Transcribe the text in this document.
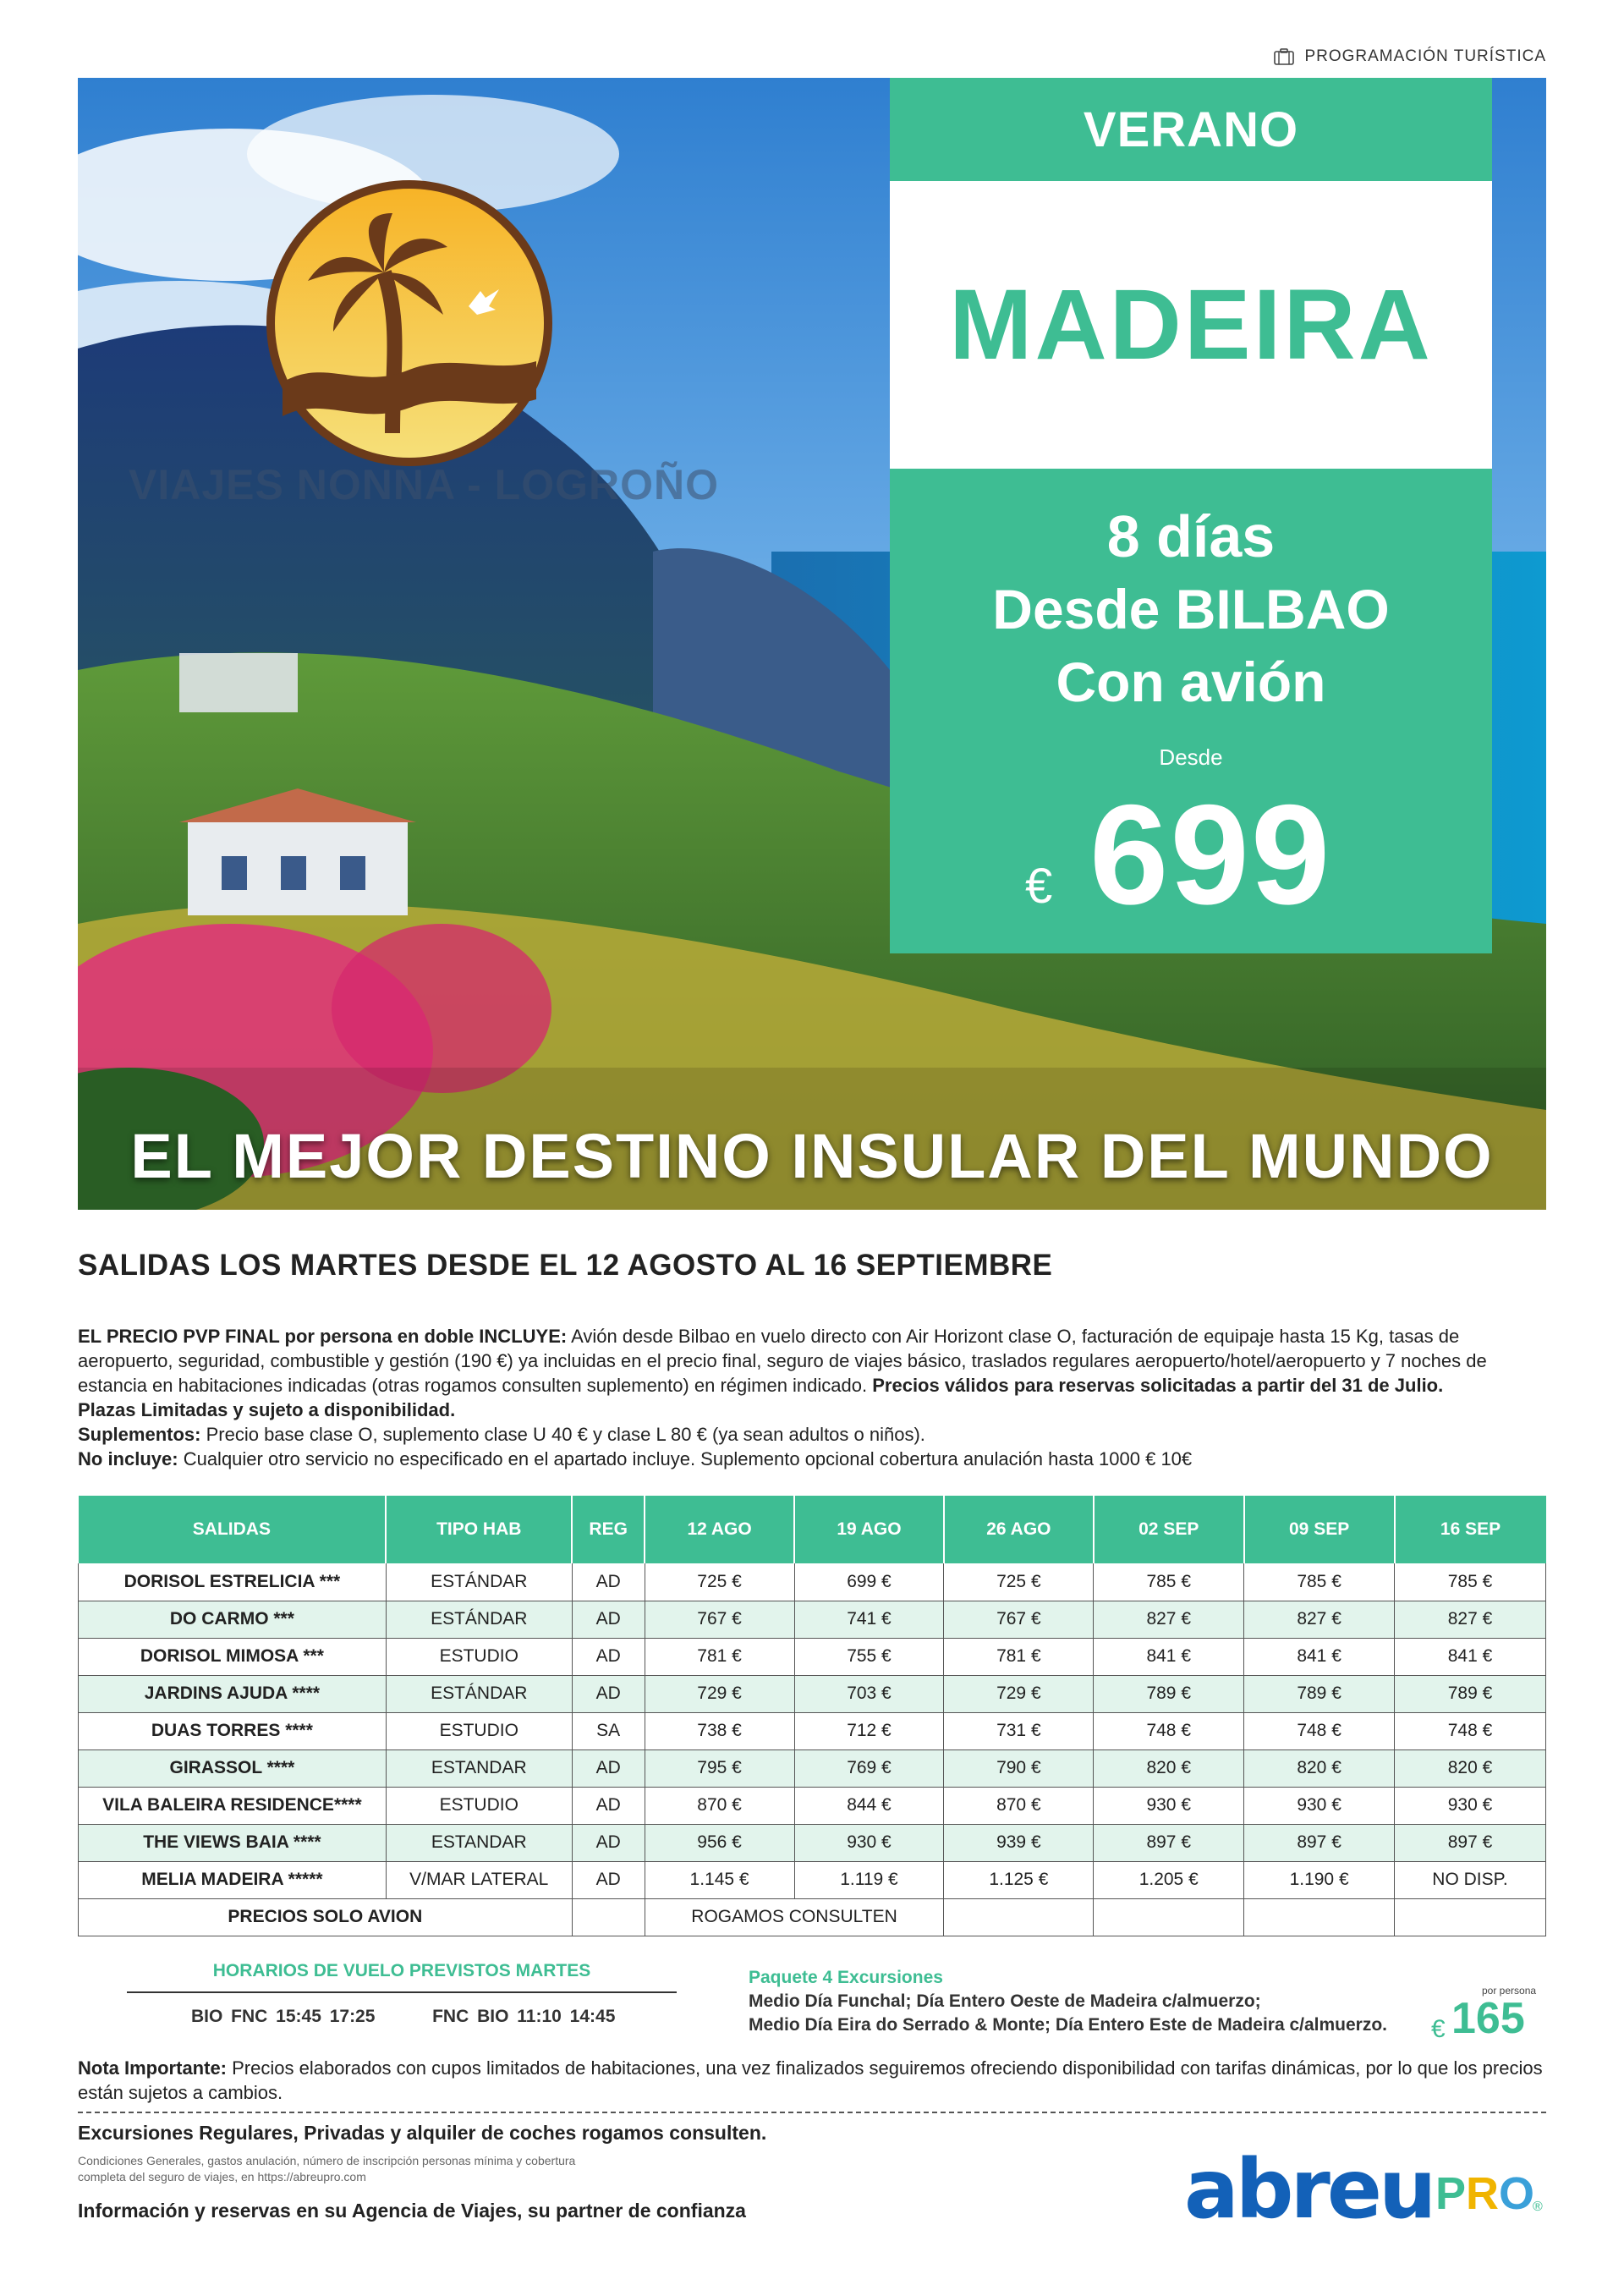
PROGRAMACIÓN TURÍSTICA
VIAJES NONNA - LOGROÑO
VERANO
MADEIRA
8 días
Desde BILBAO
Con avión
Desde
€ 699
EL MEJOR DESTINO INSULAR DEL MUNDO
SALIDAS LOS MARTES DESDE EL 12 AGOSTO AL 16 SEPTIEMBRE
EL PRECIO PVP FINAL por persona en doble INCLUYE: Avión desde Bilbao en vuelo directo con Air Horizont clase O, facturación de equipaje hasta 15 Kg, tasas de aeropuerto, seguridad, combustible y gestión (190 €) ya incluidas en el precio final, seguro de viajes básico, traslados regulares aeropuerto/hotel/aeropuerto y 7 noches de estancia en habitaciones indicadas (otras rogamos consulten suplemento) en régimen indicado. Precios válidos para reservas solicitadas a partir del 31 de Julio.
Plazas Limitadas y sujeto a disponibilidad.
Suplementos: Precio base clase O, suplemento clase U 40 € y clase L 80 € (ya sean adultos o niños).
No incluye: Cualquier otro servicio no especificado en el apartado incluye. Suplemento opcional cobertura anulación hasta 1000 € 10€
SALIDAS	TIPO HAB	REG	12 AGO	19 AGO	26 AGO	02 SEP	09 SEP	16 SEP
DORISOL ESTRELICIA ***	ESTÁNDAR	AD	725 €	699 €	725 €	785 €	785 €	785 €
DO CARMO ***	ESTÁNDAR	AD	767 €	741 €	767 €	827 €	827 €	827 €
DORISOL MIMOSA ***	ESTUDIO	AD	781 €	755 €	781 €	841 €	841 €	841 €
JARDINS AJUDA ****	ESTÁNDAR	AD	729 €	703 €	729 €	789 €	789 €	789 €
DUAS TORRES ****	ESTUDIO	SA	738 €	712 €	731 €	748 €	748 €	748 €
GIRASSOL ****	ESTANDAR	AD	795 €	769 €	790 €	820 €	820 €	820 €
VILA BALEIRA RESIDENCE****	ESTUDIO	AD	870 €	844 €	870 €	930 €	930 €	930 €
THE VIEWS BAIA ****	ESTANDAR	AD	956 €	930 €	939 €	897 €	897 €	897 €
MELIA MADEIRA *****	V/MAR LATERAL	AD	1.145 €	1.119 €	1.125 €	1.205 €	1.190 €	NO DISP.
PRECIOS SOLO AVION			ROGAMOS CONSULTEN					
HORARIOS DE VUELO PREVISTOS MARTES
BIO FNC 15:45 17:25	FNC BIO 11:10 14:45
Paquete 4 Excursiones
Medio Día Funchal; Día Entero Oeste de Madeira c/almuerzo;
Medio Día Eira do Serrado & Monte; Día Entero Este de Madeira c/almuerzo.
por persona
€ 165
Nota Importante: Precios elaborados con cupos limitados de habitaciones, una vez finalizados seguiremos ofreciendo disponibilidad con tarifas dinámicas, por lo que los precios están sujetos a cambios.
Excursiones Regulares, Privadas y alquiler de coches rogamos consulten.
Condiciones Generales, gastos anulación, número de inscripción personas mínima y cobertura completa del seguro de viajes, en https://abreupro.com
Información y reservas en su Agencia de Viajes, su partner de confianza	abreu PRO
®
